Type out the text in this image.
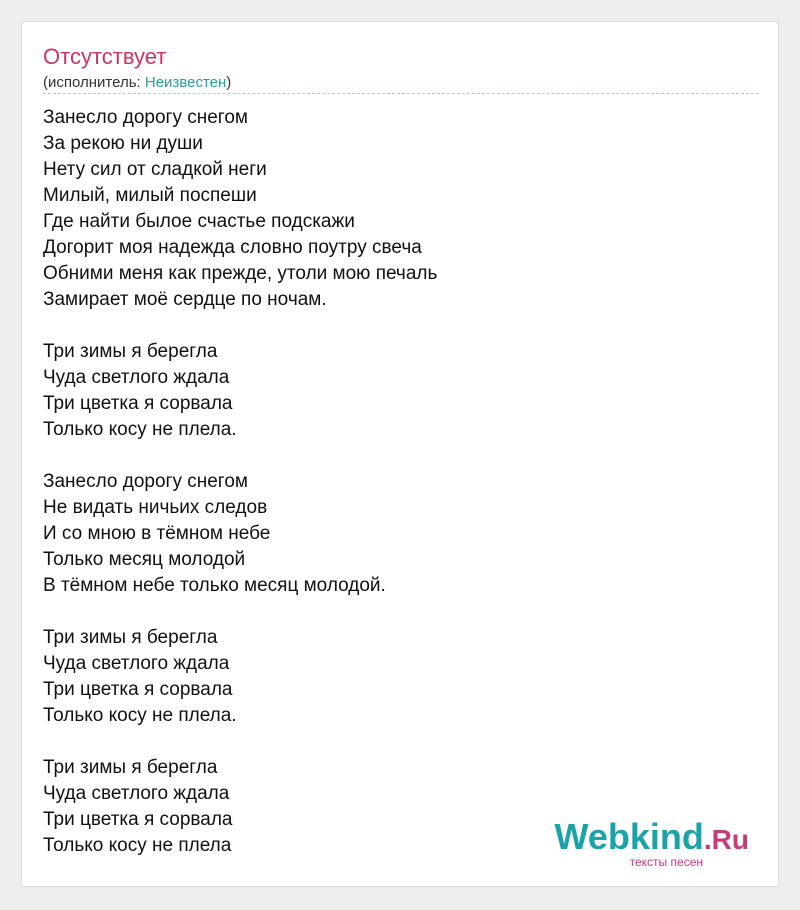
Отсутствует
(исполнитель: Неизвестен)
Занесло дорогу снегом
За рекою ни души
Нету сил от сладкой неги
Милый, милый поспеши
Где найти былое счастье подскажи
Догорит моя надежда словно поутру свеча
Обними меня как прежде, утоли мою печаль
Замирает моё сердце по ночам.
Три зимы я берегла
Чуда светлого ждала
Три цветка я сорвала
Только косу не плела.
Занесло дорогу снегом
Не видать ничьих следов
И со мною в тёмном небе
Только месяц молодой
В тёмном небе только месяц молодой.
Три зимы я берегла
Чуда светлого ждала
Три цветка я сорвала
Только косу не плела.
Три зимы я берегла
Чуда светлого ждала
Три цветка я сорвала
Только косу не плела	Webkind.Ru
тексты песен
